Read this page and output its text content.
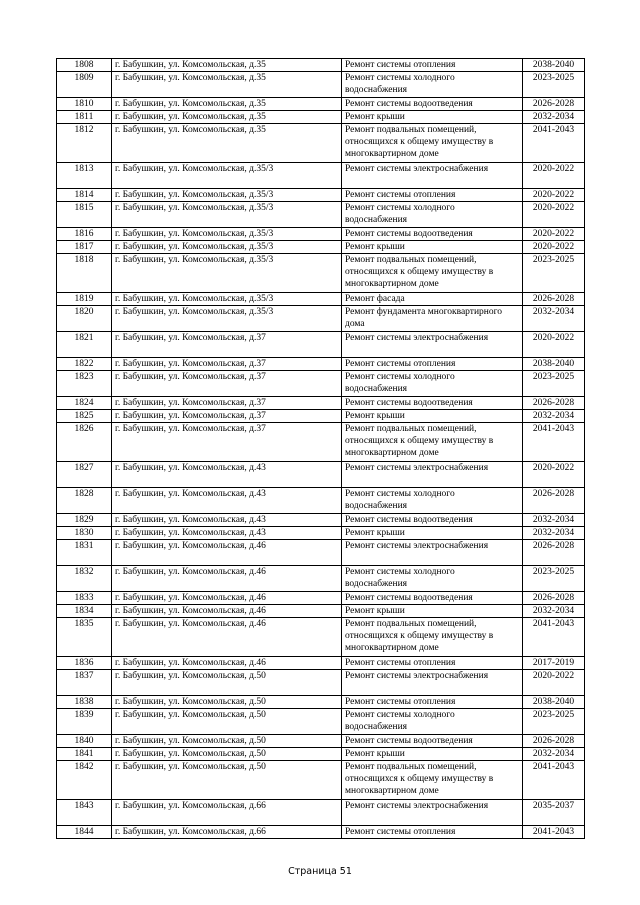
1808	г. Бабушкин, ул. Комсомольская, д.35	Ремонт системы отопления	2038-2040
1809	г. Бабушкин, ул. Комсомольская, д.35	Ремонт системы холодного водоснабжения	2023-2025
1810	г. Бабушкин, ул. Комсомольская, д.35	Ремонт системы водоотведения	2026-2028
1811	г. Бабушкин, ул. Комсомольская, д.35	Ремонт крыши	2032-2034
1812	г. Бабушкин, ул. Комсомольская, д.35	Ремонт подвальных помещений, относящихся к общему имуществу в многоквартирном доме	2041-2043
1813	г. Бабушкин, ул. Комсомольская, д.35/3	Ремонт системы электроснабжения	2020-2022
1814	г. Бабушкин, ул. Комсомольская, д.35/3	Ремонт системы отопления	2020-2022
1815	г. Бабушкин, ул. Комсомольская, д.35/3	Ремонт системы холодного водоснабжения	2020-2022
1816	г. Бабушкин, ул. Комсомольская, д.35/3	Ремонт системы водоотведения	2020-2022
1817	г. Бабушкин, ул. Комсомольская, д.35/3	Ремонт крыши	2020-2022
1818	г. Бабушкин, ул. Комсомольская, д.35/3	Ремонт подвальных помещений, относящихся к общему имуществу в многоквартирном доме	2023-2025
1819	г. Бабушкин, ул. Комсомольская, д.35/3	Ремонт фасада	2026-2028
1820	г. Бабушкин, ул. Комсомольская, д.35/3	Ремонт фундамента многоквартирного дома	2032-2034
1821	г. Бабушкин, ул. Комсомольская, д.37	Ремонт системы электроснабжения	2020-2022
1822	г. Бабушкин, ул. Комсомольская, д.37	Ремонт системы отопления	2038-2040
1823	г. Бабушкин, ул. Комсомольская, д.37	Ремонт системы холодного водоснабжения	2023-2025
1824	г. Бабушкин, ул. Комсомольская, д.37	Ремонт системы водоотведения	2026-2028
1825	г. Бабушкин, ул. Комсомольская, д.37	Ремонт крыши	2032-2034
1826	г. Бабушкин, ул. Комсомольская, д.37	Ремонт подвальных помещений, относящихся к общему имуществу в многоквартирном доме	2041-2043
1827	г. Бабушкин, ул. Комсомольская, д.43	Ремонт системы электроснабжения	2020-2022
1828	г. Бабушкин, ул. Комсомольская, д.43	Ремонт системы холодного водоснабжения	2026-2028
1829	г. Бабушкин, ул. Комсомольская, д.43	Ремонт системы водоотведения	2032-2034
1830	г. Бабушкин, ул. Комсомольская, д.43	Ремонт крыши	2032-2034
1831	г. Бабушкин, ул. Комсомольская, д.46	Ремонт системы электроснабжения	2026-2028
1832	г. Бабушкин, ул. Комсомольская, д.46	Ремонт системы холодного водоснабжения	2023-2025
1833	г. Бабушкин, ул. Комсомольская, д.46	Ремонт системы водоотведения	2026-2028
1834	г. Бабушкин, ул. Комсомольская, д.46	Ремонт крыши	2032-2034
1835	г. Бабушкин, ул. Комсомольская, д.46	Ремонт подвальных помещений, относящихся к общему имуществу в многоквартирном доме	2041-2043
1836	г. Бабушкин, ул. Комсомольская, д.46	Ремонт системы отопления	2017-2019
1837	г. Бабушкин, ул. Комсомольская, д.50	Ремонт системы электроснабжения	2020-2022
1838	г. Бабушкин, ул. Комсомольская, д.50	Ремонт системы отопления	2038-2040
1839	г. Бабушкин, ул. Комсомольская, д.50	Ремонт системы холодного водоснабжения	2023-2025
1840	г. Бабушкин, ул. Комсомольская, д.50	Ремонт системы водоотведения	2026-2028
1841	г. Бабушкин, ул. Комсомольская, д.50	Ремонт крыши	2032-2034
1842	г. Бабушкин, ул. Комсомольская, д.50	Ремонт подвальных помещений, относящихся к общему имуществу в многоквартирном доме	2041-2043
1843	г. Бабушкин, ул. Комсомольская, д.66	Ремонт системы электроснабжения	2035-2037
1844	г. Бабушкин, ул. Комсомольская, д.66	Ремонт системы отопления	2041-2043
Страница 51
